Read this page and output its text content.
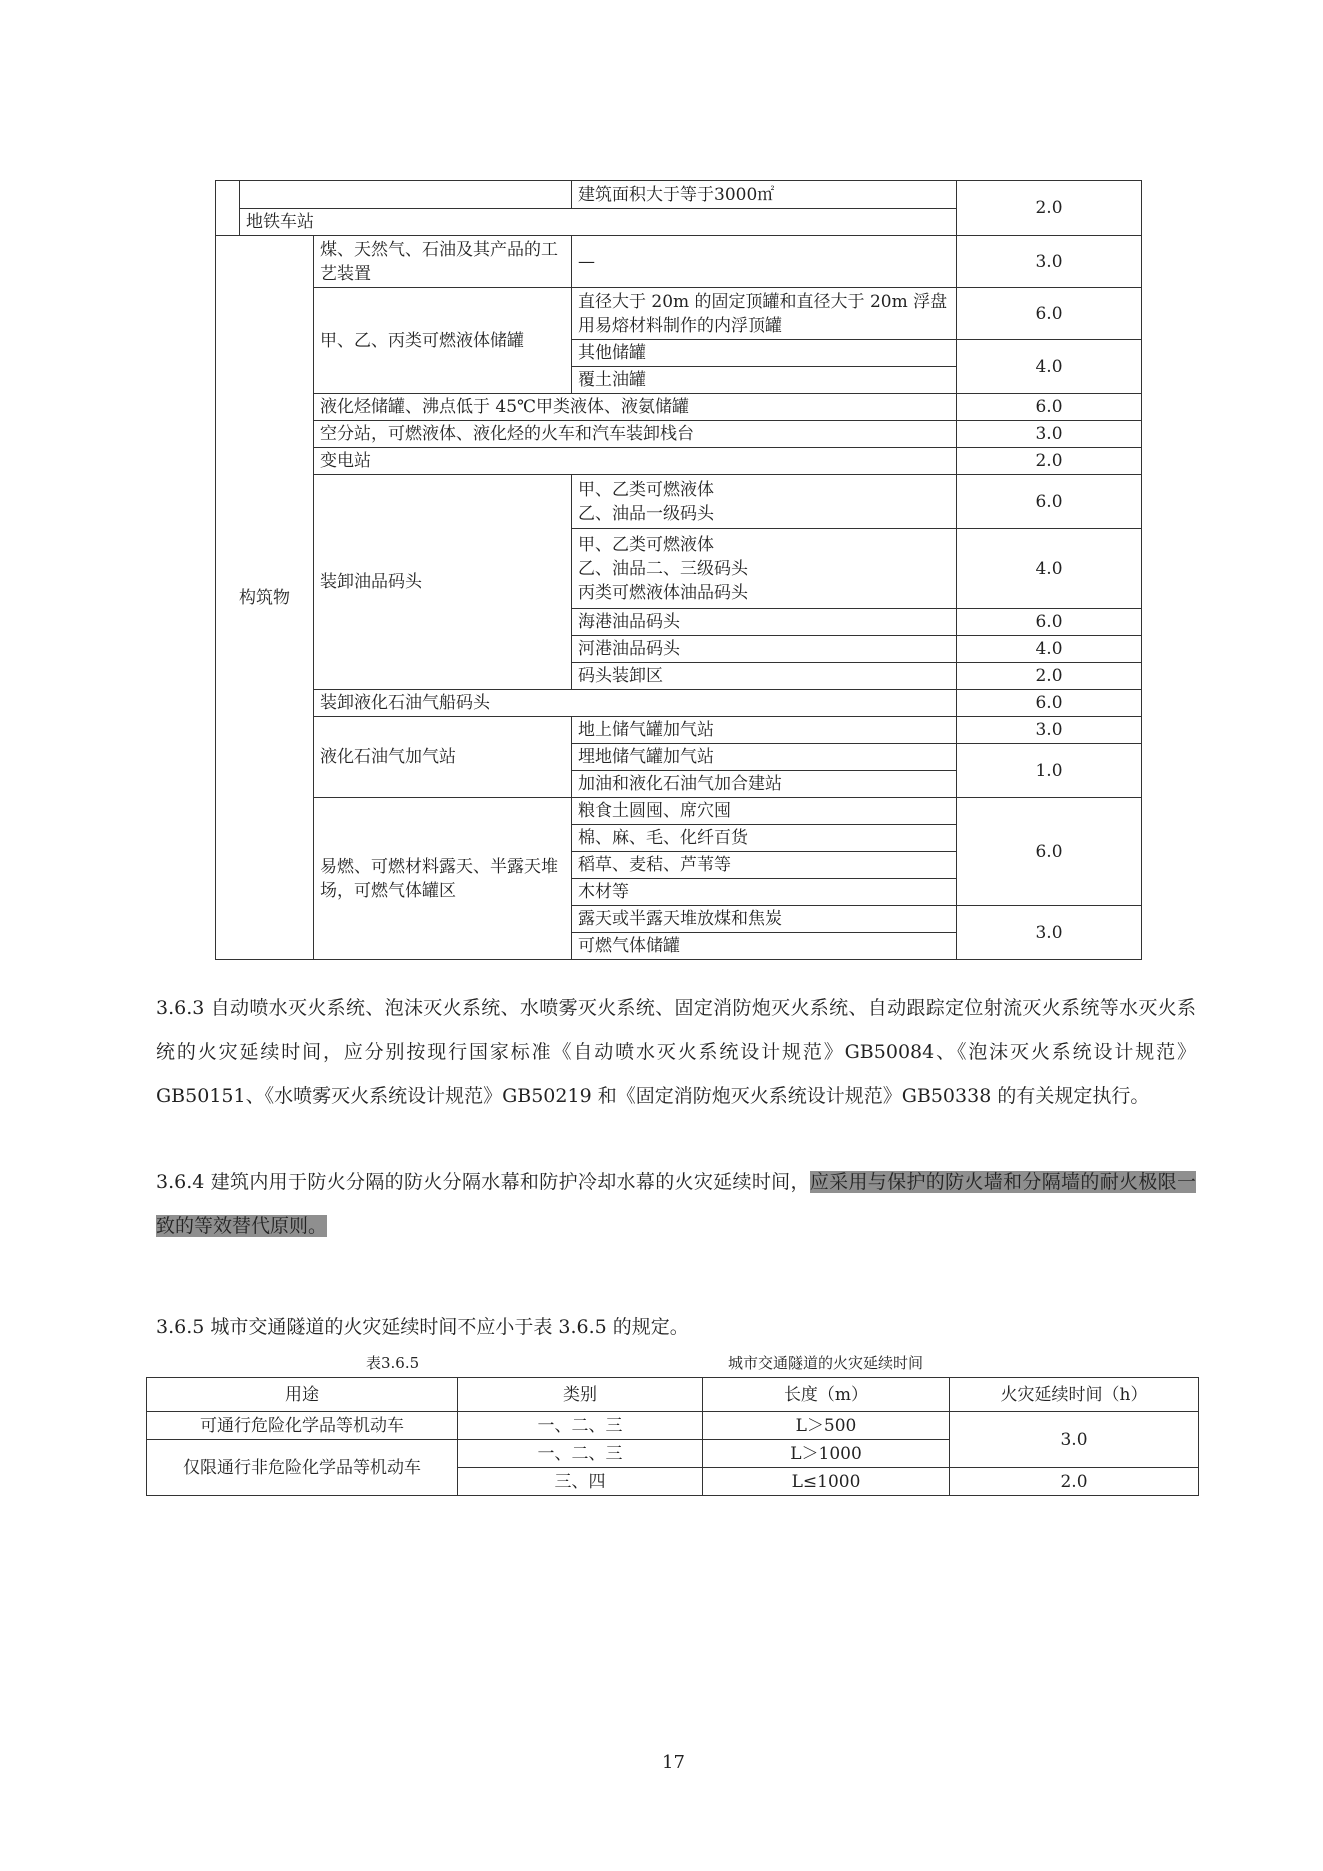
			建筑面积大于等于3000㎡	2.0
	地铁车站			
	构筑物		煤、天然气、石油及其产品的工艺装置	—	3.0
		甲、乙、丙类可燃液体储罐	直径大于 20m 的固定顶罐和直径大于 20m 浮盘用易熔材料制作的内浮顶罐	6.0
			其他储罐	4.0
			覆土油罐	
		液化烃储罐、沸点低于 45℃甲类液体、液氨储罐		6.0
		空分站，可燃液体、液化烃的火车和汽车装卸栈台		3.0
		变电站		2.0
		装卸油品码头	甲、乙类可燃液体
乙、油品一级码头	6.0

			甲、乙类可燃液体
乙、油品二、三级码头
丙类可燃液体油品码头	4.0
			海港油品码头	6.0
			河港油品码头	4.0
			码头装卸区	2.0
		装卸液化石油气船码头		6.0
		液化石油气加气站	地上储气罐加气站	3.0
			埋地储气罐加气站	1.0
			加油和液化石油气加合建站	
		易燃、可燃材料露天、半露天堆场，可燃气体罐区	粮食土圆囤、席穴囤	6.0
			棉、麻、毛、化纤百货	
			稻草、麦秸、芦苇等	
			木材等	
			露天或半露天堆放煤和焦炭	3.0
			可燃气体储罐	
3.6.3 自动喷水灭火系统、泡沫灭火系统、水喷雾灭火系统、固定消防炮灭火系统、自动跟踪定位射流灭火系统等水灭火系统的火灾延续时间，应分别按现行国家标准《自动喷水灭火系统设计规范》GB50084、《泡沫灭火系统设计规范》GB50151、《水喷雾灭火系统设计规范》GB50219 和《固定消防炮灭火系统设计规范》GB50338 的有关规定执行。
3.6.4 建筑内用于防火分隔的防火分隔水幕和防护冷却水幕的火灾延续时间，应采用与保护的防火墙和分隔墙的耐火极限一致的等效替代原则。
3.6.5 城市交通隧道的火灾延续时间不应小于表 3.6.5 的规定。
表3.6.5	城市交通隧道的火灾延续时间
用途	类别	长度（m）	火灾延续时间（h）
可通行危险化学品等机动车	一、二、三	L＞500	3.0
仅限通行非危险化学品等机动车	一、二、三	L＞1000	
	三、四	L≤1000	2.0
17
